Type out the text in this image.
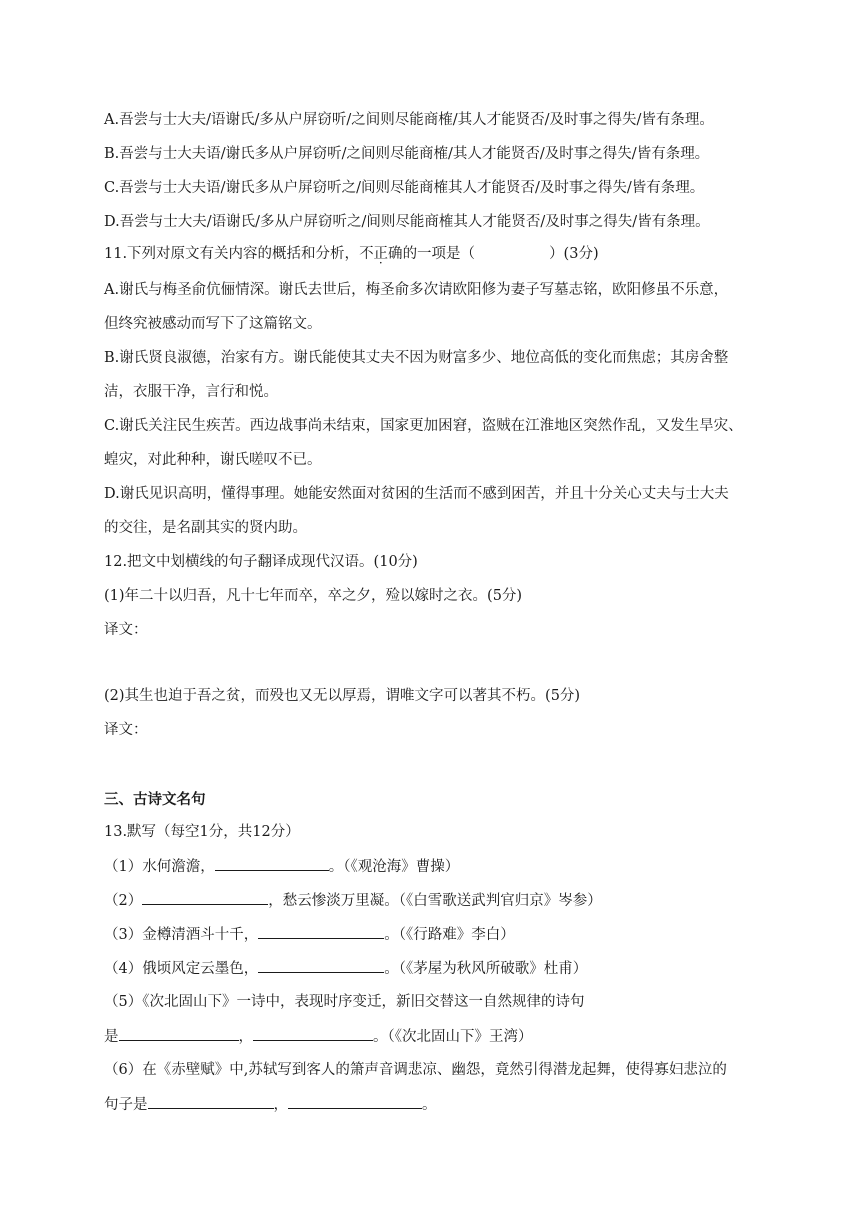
A.吾尝与士大夫/语谢氏/多从户屏窃听/之间则尽能商榷/其人才能贤否/及时事之得失/皆有条理。
B.吾尝与士大夫语/谢氏多从户屏窃听/之间则尽能商榷/其人才能贤否/及时事之得失/皆有条理。
C.吾尝与士大夫语/谢氏多从户屏窃听之/间则尽能商榷其人才能贤否/及时事之得失/皆有条理。
D.吾尝与士大夫/语谢氏/多从户屏窃听之/间则尽能商榷其人才能贤否/及时事之得失/皆有条理。
11.下列对原文有关内容的概括和分析，不正确的一项是（	）(3分)
A.谢氏与梅圣俞伉俪情深。谢氏去世后，梅圣俞多次请欧阳修为妻子写墓志铭，欧阳修虽不乐意，
但终究被感动而写下了这篇铭文。
B.谢氏贤良淑德，治家有方。谢氏能使其丈夫不因为财富多少、地位高低的变化而焦虑；其房舍整
洁，衣服干净，言行和悦。
C.谢氏关注民生疾苦。西边战事尚未结束，国家更加困窘，盗贼在江淮地区突然作乱，又发生旱灾、
蝗灾，对此种种，谢氏嗟叹不已。
D.谢氏见识高明，懂得事理。她能安然面对贫困的生活而不感到困苦，并且十分关心丈夫与士大夫
的交往，是名副其实的贤内助。
12.把文中划横线的句子翻译成现代汉语。(10分)
(1)年二十以归吾，凡十七年而卒，卒之夕，殓以嫁时之衣。(5分)
译文：
(2)其生也迫于吾之贫，而殁也又无以厚焉，谓唯文字可以著其不朽。(5分)
译文：
三、古诗文名句
13.默写（每空1分，共12分）
（1）水何澹澹，	。（《观沧海》曹操）
（2）	，愁云惨淡万里凝。（《白雪歌送武判官归京》岑参）
（3）金樽清酒斗十千，	。（《行路难》李白）
（4）俄顷风定云墨色，	。（《茅屋为秋风所破歌》杜甫）
（5）《次北固山下》一诗中，表现时序变迁，新旧交替这一自然规律的诗句
是	，	。（《次北固山下》王湾）
（6）在《赤壁赋》中,苏轼写到客人的箫声音调悲凉、幽怨，竟然引得潜龙起舞，使得寡妇悲泣的
句子是	，	。
